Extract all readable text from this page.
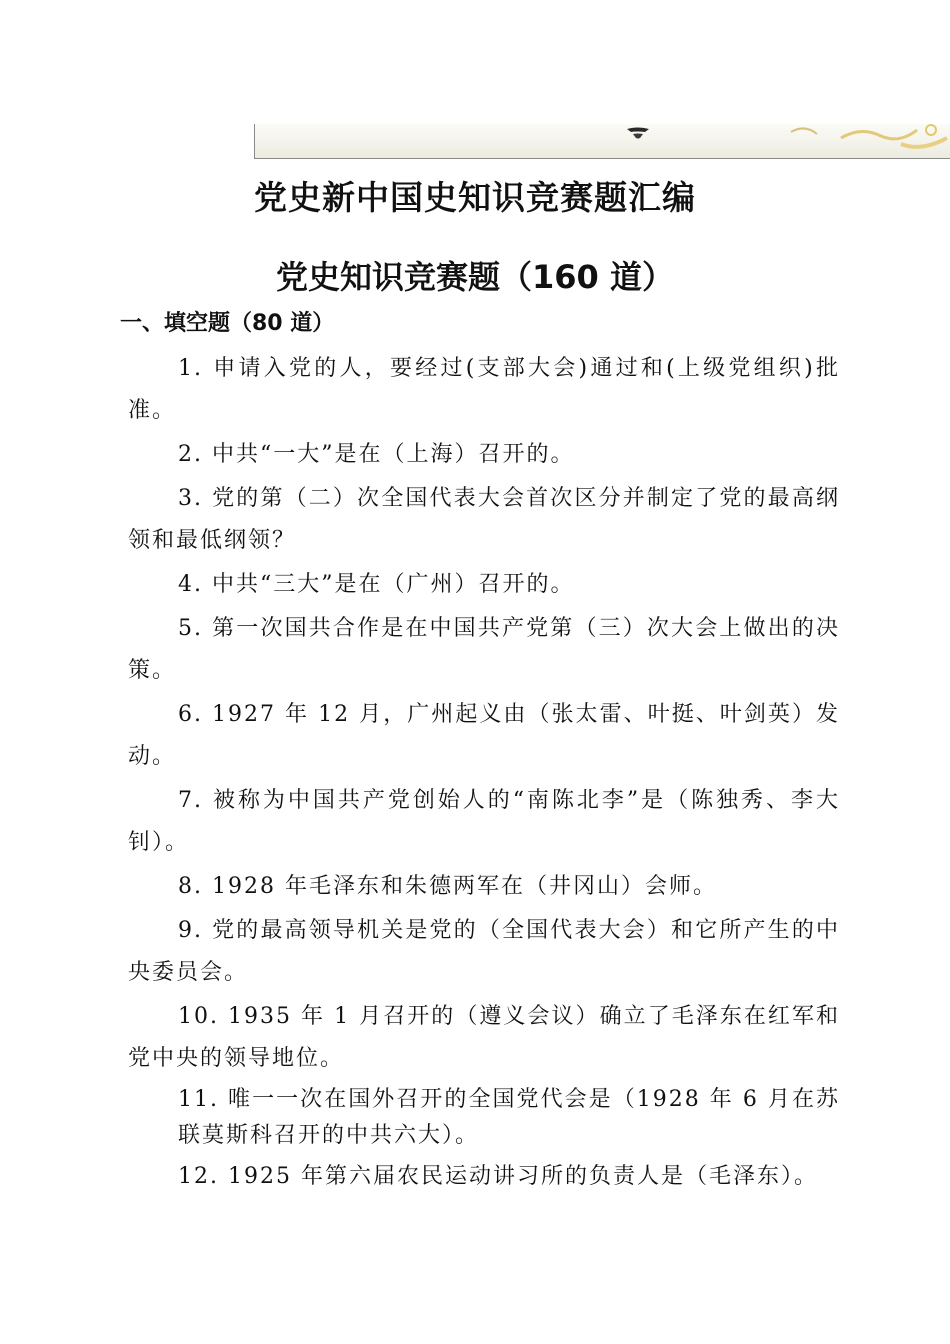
党史新中国史知识竞赛题汇编
党史知识竞赛题（160 道）
一、填空题（80 道）
1. 申请入党的人，要经过(支部大会)通过和(上级党组织)批准。
2. 中共“一大”是在（上海）召开的。
3. 党的第（二）次全国代表大会首次区分并制定了党的最高纲领和最低纲领？
4. 中共“三大”是在（广州）召开的。
5. 第一次国共合作是在中国共产党第（三）次大会上做出的决策。
6. 1927 年 12 月，广州起义由（张太雷、叶挺、叶剑英）发 动。
7. 被称为中国共产党创始人的“南陈北李”是（陈独秀、李大钊）。
8. 1928 年毛泽东和朱德两军在（井冈山）会师。
9. 党的最高领导机关是党的（全国代表大会）和它所产生的中央委员会。
10. 1935 年 1 月召开的（遵义会议）确立了毛泽东在红军和 党中央的领导地位。
11. 唯一一次在国外召开的全国党代会是（1928 年 6 月在苏联莫斯科召开的中共六大）。
12. 1925 年第六届农民运动讲习所的负责人是（毛泽东）。
